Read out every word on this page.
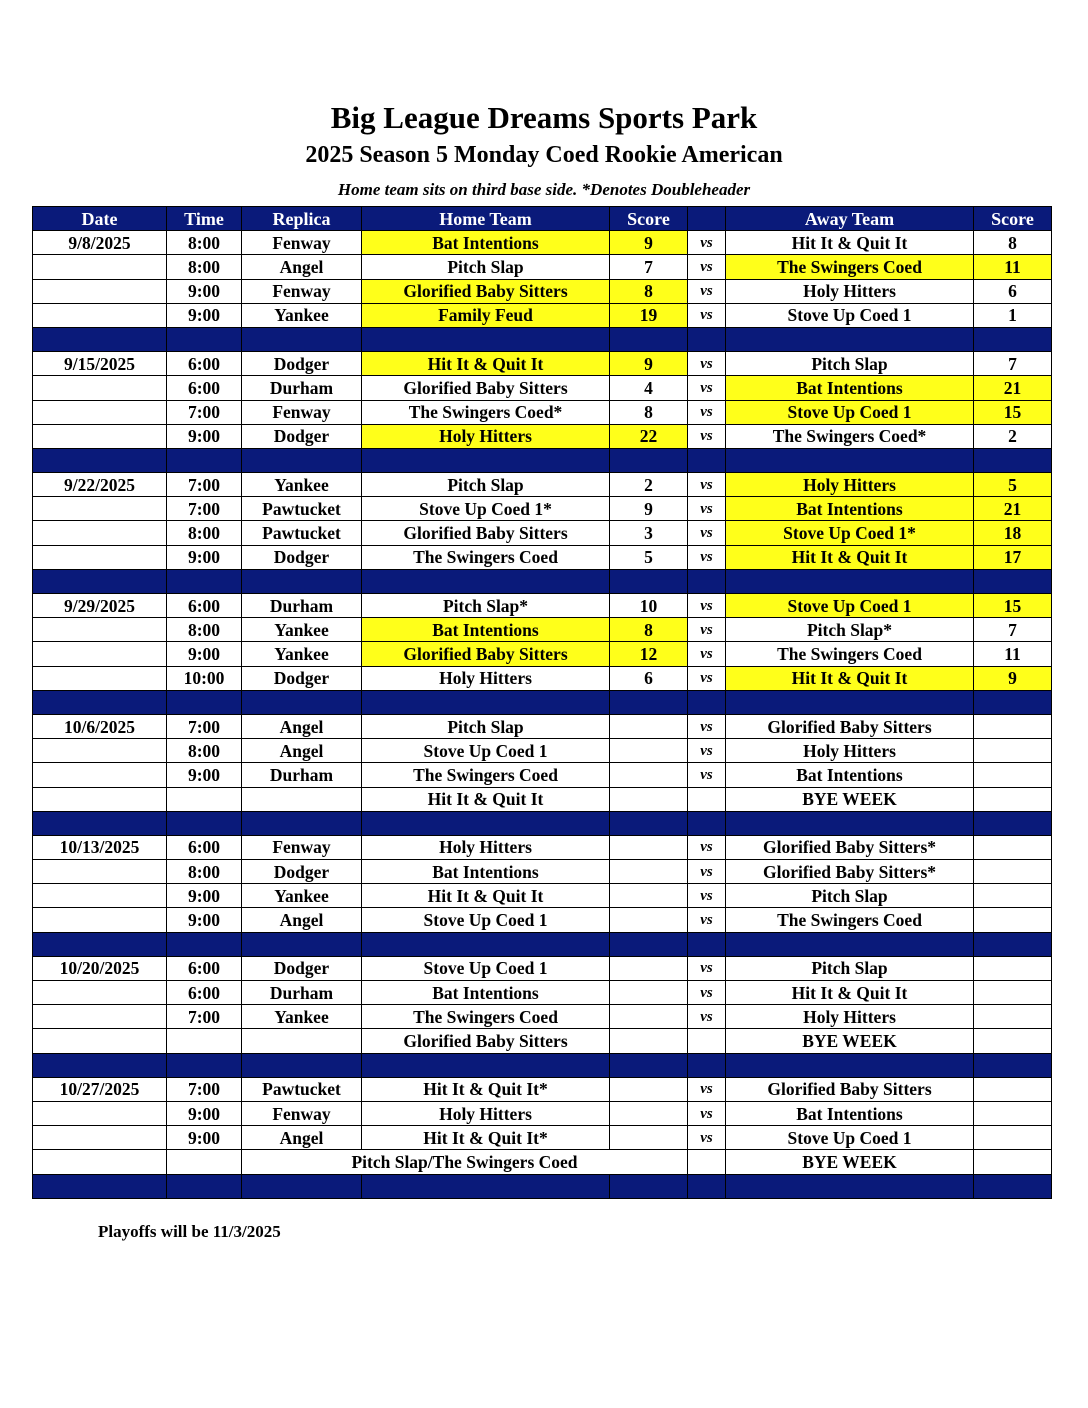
Big League Dreams Sports Park
2025 Season 5 Monday Coed Rookie American
Home team sits on third base side. *Denotes Doubleheader
Date	Time	Replica	Home Team	Score		Away Team	Score
9/8/2025	8:00	Fenway	Bat Intentions	9	vs	Hit It & Quit It	8
	8:00	Angel	Pitch Slap	7	vs	The Swingers Coed	11
	9:00	Fenway	Glorified Baby Sitters	8	vs	Holy Hitters	6
	9:00	Yankee	Family Feud	19	vs	Stove Up Coed 1	1

9/15/2025	6:00	Dodger	Hit It & Quit It	9	vs	Pitch Slap	7
	6:00	Durham	Glorified Baby Sitters	4	vs	Bat Intentions	21
	7:00	Fenway	The Swingers Coed*	8	vs	Stove Up Coed 1	15
	9:00	Dodger	Holy Hitters	22	vs	The Swingers Coed*	2

9/22/2025	7:00	Yankee	Pitch Slap	2	vs	Holy Hitters	5
	7:00	Pawtucket	Stove Up Coed 1*	9	vs	Bat Intentions	21
	8:00	Pawtucket	Glorified Baby Sitters	3	vs	Stove Up Coed 1*	18
	9:00	Dodger	The Swingers Coed	5	vs	Hit It & Quit It	17

9/29/2025	6:00	Durham	Pitch Slap*	10	vs	Stove Up Coed 1	15
	8:00	Yankee	Bat Intentions	8	vs	Pitch Slap*	7
	9:00	Yankee	Glorified Baby Sitters	12	vs	The Swingers Coed	11
	10:00	Dodger	Holy Hitters	6	vs	Hit It & Quit It	9

10/6/2025	7:00	Angel	Pitch Slap		vs	Glorified Baby Sitters	
	8:00	Angel	Stove Up Coed 1		vs	Holy Hitters	
	9:00	Durham	The Swingers Coed		vs	Bat Intentions	
			Hit It & Quit It			BYE WEEK	

10/13/2025	6:00	Fenway	Holy Hitters		vs	Glorified Baby Sitters*	
	8:00	Dodger	Bat Intentions		vs	Glorified Baby Sitters*	
	9:00	Yankee	Hit It & Quit It		vs	Pitch Slap	
	9:00	Angel	Stove Up Coed 1		vs	The Swingers Coed	

10/20/2025	6:00	Dodger	Stove Up Coed 1		vs	Pitch Slap	
	6:00	Durham	Bat Intentions		vs	Hit It & Quit It	
	7:00	Yankee	The Swingers Coed		vs	Holy Hitters	
			Glorified Baby Sitters			BYE WEEK	

10/27/2025	7:00	Pawtucket	Hit It & Quit It*		vs	Glorified Baby Sitters	
	9:00	Fenway	Holy Hitters		vs	Bat Intentions	
	9:00	Angel	Hit It & Quit It*		vs	Stove Up Coed 1	
		Pitch Slap/The Swingers Coed				BYE WEEK	

Playoffs will be 11/3/2025
